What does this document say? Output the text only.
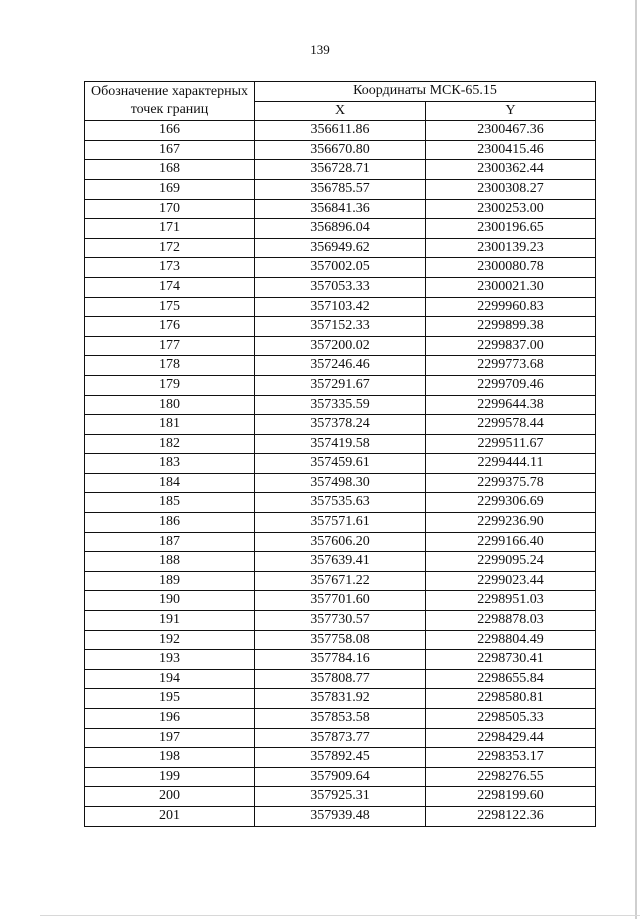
139
Обозначение характерных точек границ	Координаты МСК-65.15	
	X	Y
166	356611.86	2300467.36
167	356670.80	2300415.46
168	356728.71	2300362.44
169	356785.57	2300308.27
170	356841.36	2300253.00
171	356896.04	2300196.65
172	356949.62	2300139.23
173	357002.05	2300080.78
174	357053.33	2300021.30
175	357103.42	2299960.83
176	357152.33	2299899.38
177	357200.02	2299837.00
178	357246.46	2299773.68
179	357291.67	2299709.46
180	357335.59	2299644.38
181	357378.24	2299578.44
182	357419.58	2299511.67
183	357459.61	2299444.11
184	357498.30	2299375.78
185	357535.63	2299306.69
186	357571.61	2299236.90
187	357606.20	2299166.40
188	357639.41	2299095.24
189	357671.22	2299023.44
190	357701.60	2298951.03
191	357730.57	2298878.03
192	357758.08	2298804.49
193	357784.16	2298730.41
194	357808.77	2298655.84
195	357831.92	2298580.81
196	357853.58	2298505.33
197	357873.77	2298429.44
198	357892.45	2298353.17
199	357909.64	2298276.55
200	357925.31	2298199.60
201	357939.48	2298122.36
